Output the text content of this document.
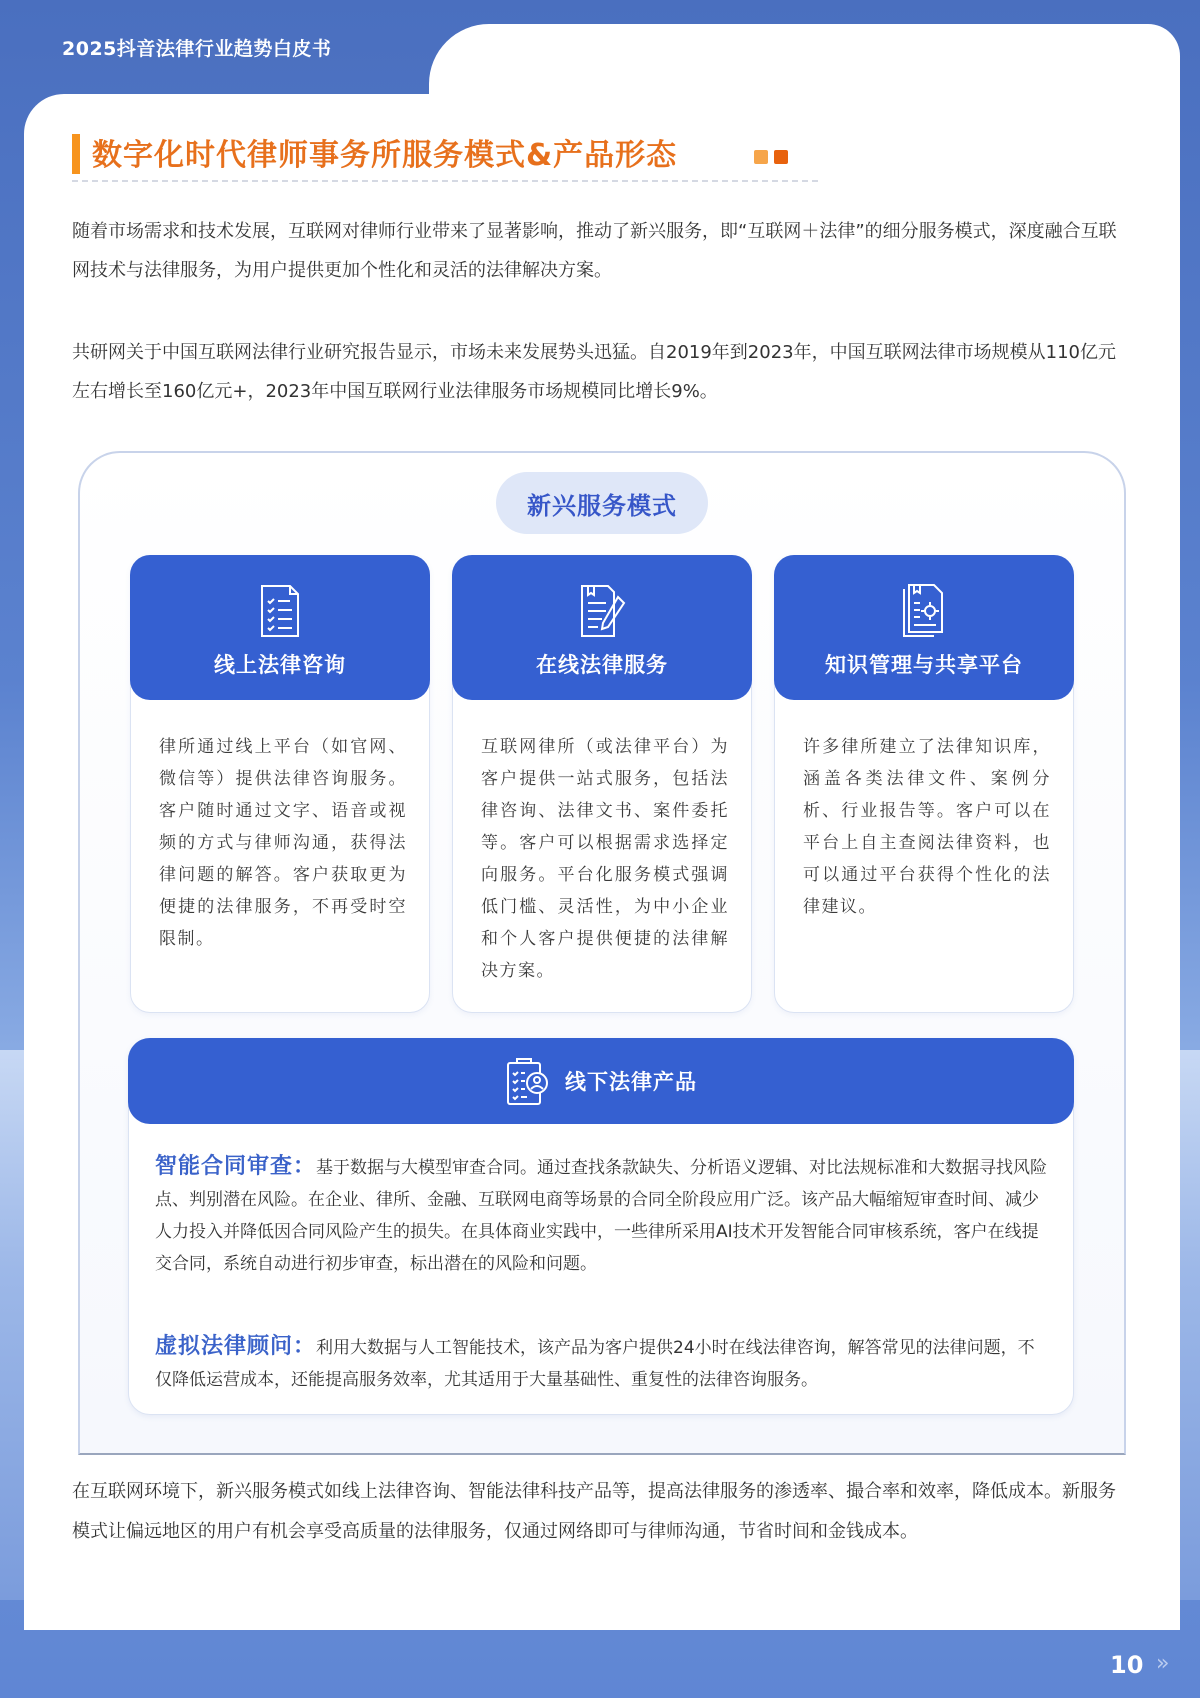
2025抖音法律行业趋势白皮书
数字化时代律师事务所服务模式&产品形态

随着市场需求和技术发展，互联网对律师行业带来了显著影响，推动了新兴服务，即“互联网＋法律”的细分服务模式，深度融合互联网技术与法律服务，为用户提供更加个性化和灵活的法律解决方案。

共研网关于中国互联网法律行业研究报告显示，市场未来发展势头迅猛。自2019年到2023年，中国互联网法律市场规模从110亿元左右增长至160亿元+，2023年中国互联网行业法律服务市场规模同比增长9%。

新兴服务模式
线上法律咨询
律所通过线上平台（如官网、微信等）提供法律咨询服务。客户随时通过文字、语音或视频的方式与律师沟通，获得法律问题的解答。客户获取更为便捷的法律服务，不再受时空限制。
在线法律服务
互联网律所（或法律平台）为客户提供一站式服务，包括法律咨询、法律文书、案件委托等。客户可以根据需求选择定向服务。平台化服务模式强调低门槛、灵活性，为中小企业和个人客户提供便捷的法律解决方案。
知识管理与共享平台
许多律所建立了法律知识库，涵盖各类法律文件、案例分析、行业报告等。客户可以在平台上自主查阅法律资料，也可以通过平台获得个性化的法律建议。
线下法律产品
智能合同审查：基于数据与大模型审查合同。通过查找条款缺失、分析语义逻辑、对比法规标准和大数据寻找风险点、判别潜在风险。在企业、律所、金融、互联网电商等场景的合同全阶段应用广泛。该产品大幅缩短审查时间、减少人力投入并降低因合同风险产生的损失。在具体商业实践中，一些律所采用AI技术开发智能合同审核系统，客户在线提交合同，系统自动进行初步审查，标出潜在的风险和问题。
虚拟法律顾问：利用大数据与人工智能技术，该产品为客户提供24小时在线法律咨询，解答常见的法律问题，不仅降低运营成本，还能提高服务效率，尤其适用于大量基础性、重复性的法律咨询服务。

在互联网环境下，新兴服务模式如线上法律咨询、智能法律科技产品等，提高法律服务的渗透率、撮合率和效率，降低成本。新服务模式让偏远地区的用户有机会享受高质量的法律服务，仅通过网络即可与律师沟通，节省时间和金钱成本。

10 »
